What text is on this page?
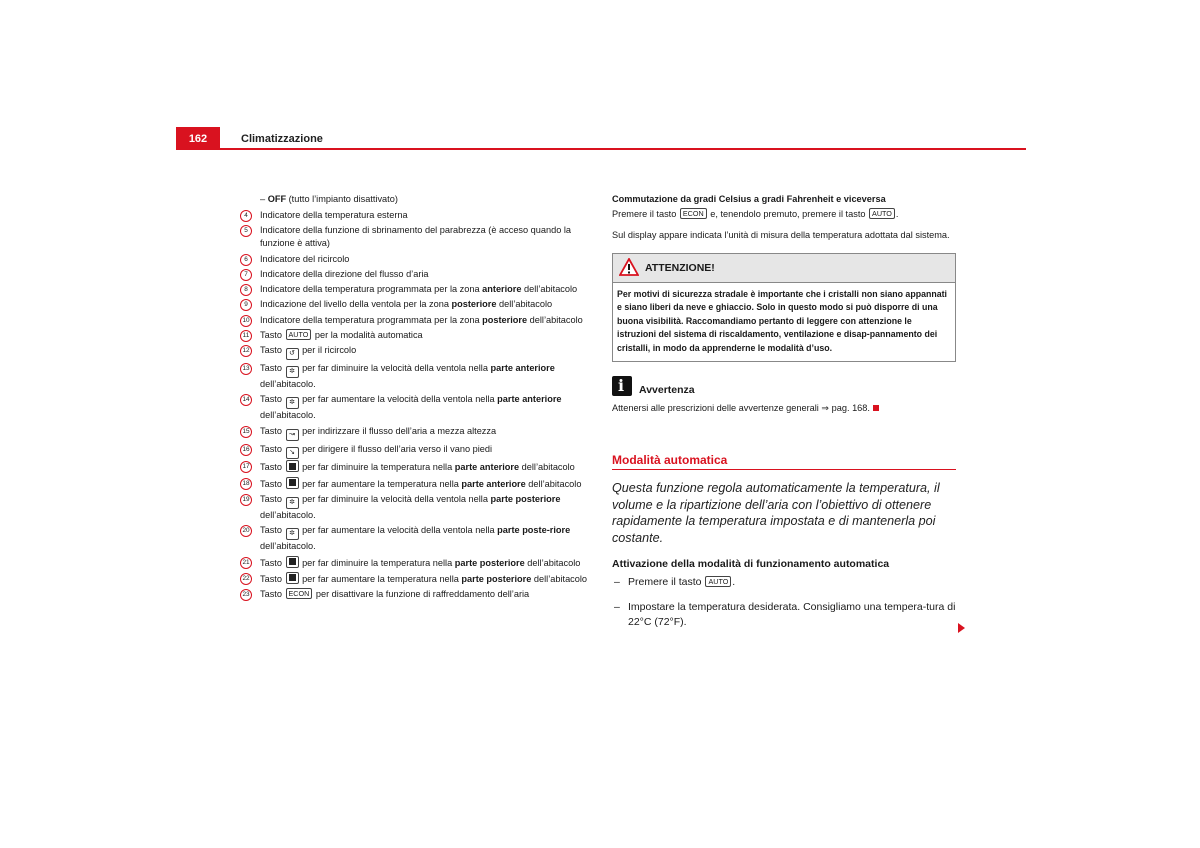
162	Climatizzazione
– OFF (tutto l’impianto disattivato)
4	Indicatore della temperatura esterna
5	Indicatore della funzione di sbrinamento del parabrezza (è acceso quando la funzione è attiva)
6	Indicatore del ricircolo
7	Indicatore della direzione del flusso d’aria
8	Indicatore della temperatura programmata per la zona anteriore dell’abitacolo
9	Indicazione del livello della ventola per la zona posteriore dell’abitacolo
10 Indicatore della temperatura programmata per la zona posteriore dell’abitacolo
11 Tasto AUTO per la modalità automatica
12 Tasto ↺ per il ricircolo
13 Tasto ✲ per far diminuire la velocità della ventola nella parte anteriore dell’abitacolo.
14 Tasto ✲ per far aumentare la velocità della ventola nella parte anteriore dell’abitacolo.
15 Tasto ↝ per indirizzare il flusso dell’aria a mezza altezza
16 Tasto ↘ per dirigere il flusso dell’aria verso il vano piedi
17 Tasto  per far diminuire la temperatura nella parte anteriore dell’abitacolo
18 Tasto  per far aumentare la temperatura nella parte anteriore dell’abitacolo
19 Tasto ✲ per far diminuire la velocità della ventola nella parte posteriore dell’abitacolo.
20 Tasto ✲ per far aumentare la velocità della ventola nella parte poste-riore dell’abitacolo.
21 Tasto  per far diminuire la temperatura nella parte posteriore dell’abitacolo
22 Tasto  per far aumentare la temperatura nella parte posteriore dell’abitacolo
23 Tasto ECON per disattivare la funzione di raffreddamento dell’aria
Commutazione da gradi Celsius a gradi Fahrenheit e viceversa
Premere il tasto ECON e, tenendolo premuto, premere il tasto AUTO .
Sul display appare indicata l’unità di misura della temperatura adottata dal sistema.
ATTENZIONE!
Per motivi di sicurezza stradale è importante che i cristalli non siano appannati e siano liberi da neve e ghiaccio. Solo in questo modo si può disporre di una buona visibilità. Raccomandiamo pertanto di leggere con attenzione le istruzioni del sistema di riscaldamento, ventilazione e disap-pannamento dei cristalli, in modo da apprenderne le modalità d’uso.
i Avvertenza
Attenersi alle prescrizioni delle avvertenze generali ⇒ pag. 168.
Modalità automatica
Questa funzione regola automaticamente la temperatura, il volume e la ripartizione dell’aria con l’obiettivo di ottenere rapidamente la temperatura impostata e di mantenerla poi costante.
Attivazione della modalità di funzionamento automatica
– Premere il tasto AUTO .
– Impostare la temperatura desiderata. Consigliamo una tempera-tura di 22°C (72°F).
